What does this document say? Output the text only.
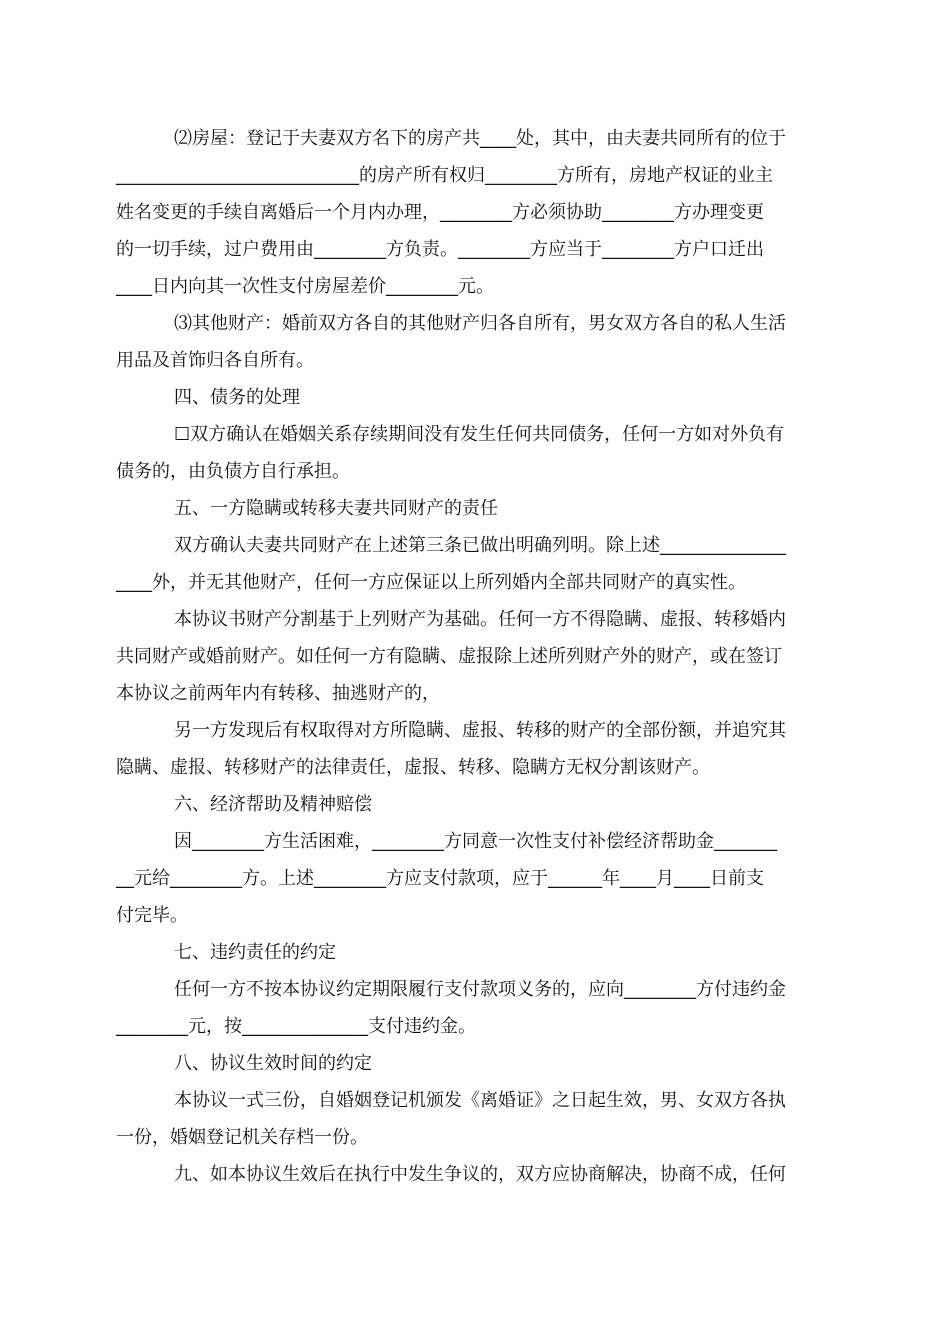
⑵房屋：登记于夫妻双方名下的房产共____处，其中，由夫妻共同所有的位于
___________________________的房产所有权归________方所有，房地产权证的业主
姓名变更的手续自离婚后一个月内办理，________方必须协助________方办理变更
的一切手续，过户费用由________方负责。________方应当于________方户口迁出
____日内向其一次性支付房屋差价________元。
⑶其他财产：婚前双方各自的其他财产归各自所有，男女双方各自的私人生活
用品及首饰归各自所有。
四、债务的处理
☐双方确认在婚姻关系存续期间没有发生任何共同债务，任何一方如对外负有
债务的，由负债方自行承担。
五、一方隐瞒或转移夫妻共同财产的责任
双方确认夫妻共同财产在上述第三条已做出明确列明。除上述______________
____外，并无其他财产，任何一方应保证以上所列婚内全部共同财产的真实性。
本协议书财产分割基于上列财产为基础。任何一方不得隐瞒、虚报、转移婚内
共同财产或婚前财产。如任何一方有隐瞒、虚报除上述所列财产外的财产，或在签订
本协议之前两年内有转移、抽逃财产的，
另一方发现后有权取得对方所隐瞒、虚报、转移的财产的全部份额，并追究其
隐瞒、虚报、转移财产的法律责任，虚报、转移、隐瞒方无权分割该财产。
六、经济帮助及精神赔偿
因________方生活困难，________方同意一次性支付补偿经济帮助金_______
__元给________方。上述________方应支付款项，应于______年____月____日前支
付完毕。
七、违约责任的约定
任何一方不按本协议约定期限履行支付款项义务的，应向________方付违约金
________元，按______________支付违约金。
八、协议生效时间的约定
本协议一式三份，自婚姻登记机颁发《离婚证》之日起生效，男、女双方各执
一份，婚姻登记机关存档一份。
九、如本协议生效后在执行中发生争议的，双方应协商解决，协商不成，任何
